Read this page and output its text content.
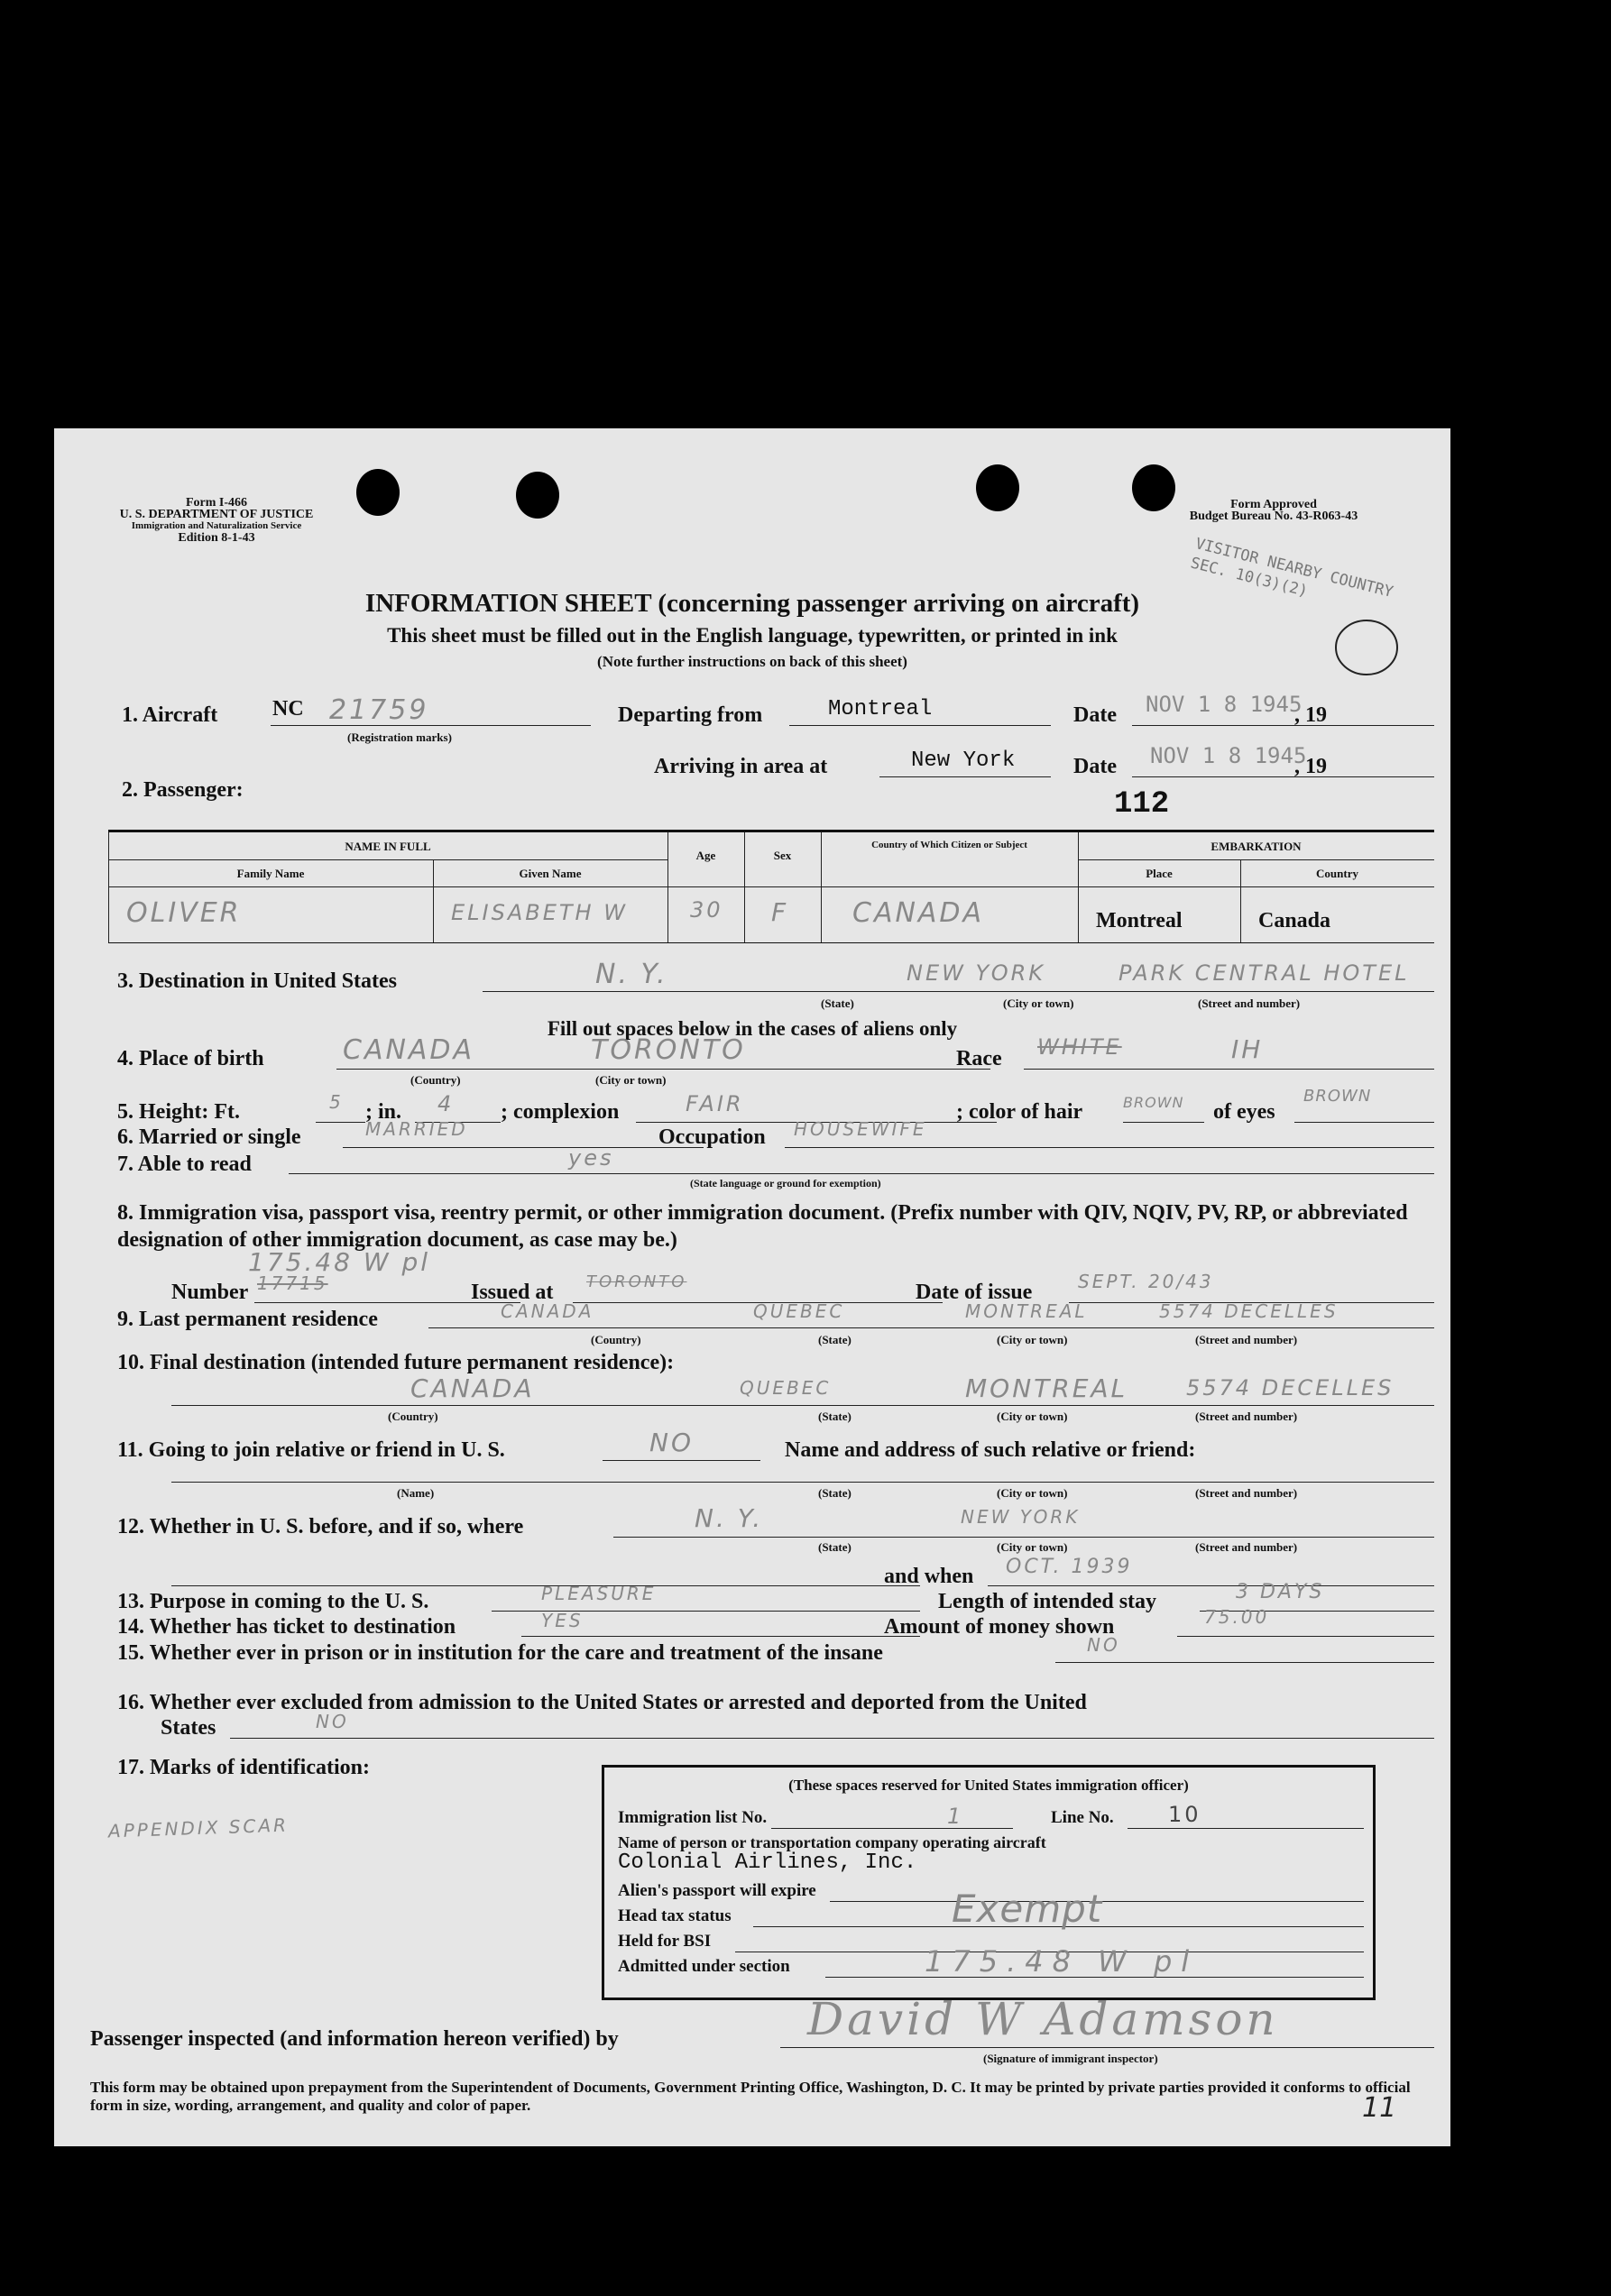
Form I-466
U. S. DEPARTMENT OF JUSTICE
Immigration and Naturalization Service
Edition 8-1-43
Form Approved
Budget Bureau No. 43-R063-43
VISITOR NEARBY COUNTRY SEC. 10(3)(2)
INFORMATION SHEET (concerning passenger arriving on aircraft)
This sheet must be filled out in the English language, typewritten, or printed in ink
(Note further instructions on back of this sheet)
1. Aircraft	NC 21759
(Registration marks)
Departing from	Montreal	Date NOV 1 8 1945
, 19
Arriving in area at	New York	Date NOV 1 8 1945
, 19
2. Passenger:	112
NAME IN FULL
Family Name	Given Name
Age	Sex
Country of Which Citizen or Subject	EMBARKATION
Place	Country
OLIVER	ELISABETH W	30 F CANADA	Montreal	Canada
3. Destination in United States	N. Y.	NEW YORK	PARK CENTRAL HOTEL
(State)	(City or town)	(Street and number)
Fill out spaces below in the cases of aliens only
4. Place of birth	CANADA	TORONTO
(Country)	(City or town)
Race WHITE	IH
5. Height: Ft.	5 ; in. 4 ; complexion	FAIR	; color of hair	BROWN of eyes
BROWN
6. Married or single	MARRIED	Occupation HOUSEWIFE
7. Able to read	yes
(State language or ground for exemption)
8. Immigration visa, passport visa, reentry permit, or other immigration document. (Prefix number with QIV, NQIV, PV, RP, or abbreviated designation of other immigration document, as case may be.)
175.48 W pl
Number 17715	Issued at TORONTO	Date of issue	SEPT. 20/43
9. Last permanent residence	CANADA	QUEBEC	MONTREAL	5574 DECELLES
(Country)	(State)	(City or town)	(Street and number)
10. Final destination (intended future permanent residence):
CANADA	QUEBEC	MONTREAL	5574 DECELLES
(Country)	(State)	(City or town)	(Street and number)
11. Going to join relative or friend in U. S.	NO	Name and address of such relative or friend:
(Name)	(State)	(City or town)	(Street and number)
12. Whether in U. S. before, and if so, where	N. Y.	NEW YORK
(State)	(City or town)	(Street and number)
and when OCT. 1939
13. Purpose in coming to the U. S.	PLEASURE	Length of intended stay	3 DAYS
14. Whether has ticket to destination	YES	Amount of money shown	75.00
15. Whether ever in prison or in institution for the care and treatment of the insane	NO
16. Whether ever excluded from admission to the United States or arrested and deported from the United
States	NO
17. Marks of identification:
APPENDIX SCAR
(These spaces reserved for United States immigration officer)
Immigration list No.	1	Line No.	10
Name of person or transportation company operating aircraft
Colonial Airlines, Inc.
Alien's passport will expire
Head tax status	Exempt
Held for BSI
Admitted under section	175.48 W pl
Passenger inspected (and information hereon verified) by	David W Adamson
(Signature of immigrant inspector)
This form may be obtained upon prepayment from the Superintendent of Documents, Government Printing Office, Washington, D. C. It may be printed by private parties provided it conforms to official form in size, wording, arrangement, and quality and color of paper.	11
